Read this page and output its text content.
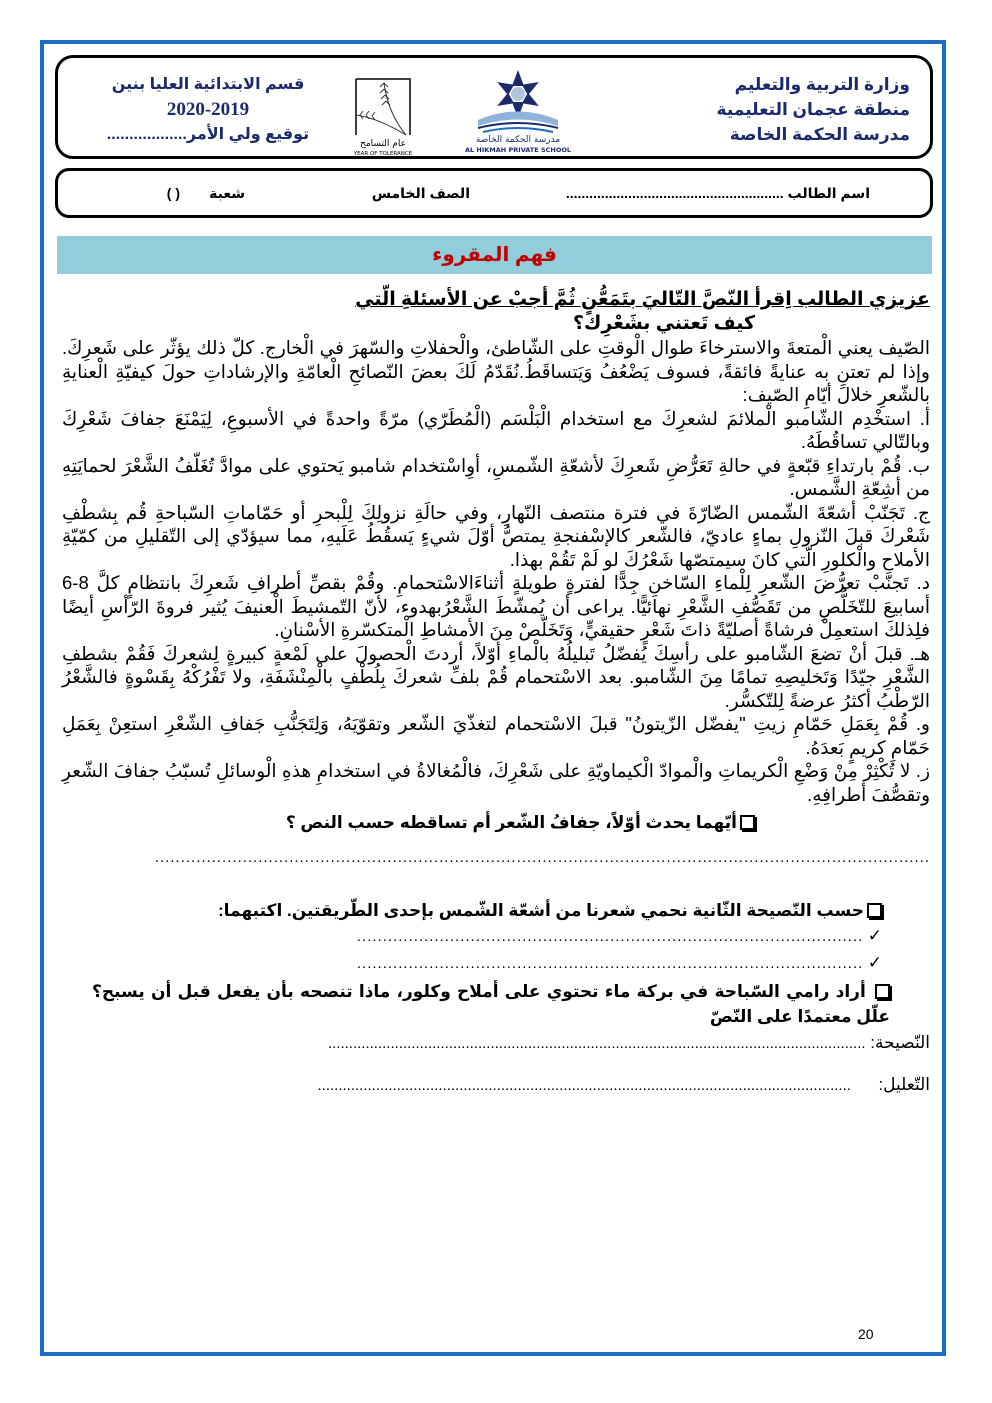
وزارة التربية والتعليم
منطقة عجمان التعليمية
مدرسة الحكمة الخاصة
مدرسة الحكمة الخاصة
AL HIKMAH PRIVATE SCHOOL
عام التسامح
YEAR OF TOLERANCE
قسم الابتدائية العليا بنين
2020-2019
توقيع ولي الأمر..................
اسم الطالب ........................................................
الصف الخامس
شعبة
( )
فهم المقروء
عزيزي الطالب اِقرأ النّصَّ التّاليَ بتَمَعُّنٍ ثُمَّ أجبْ عن الأسئلةِ الّتي
كيف تَعتني بشَعْرِك؟

الصّيف يعني الْمتعةَ والاسترخاءَ طوال الْوقتِ على الشّاطئ، والْحفلاتِ والسّهرَ في الْخارج. كلّ ذلك يؤثّر على شَعرِكَ. وإذا لم تعتنِ به عنايةً فائقةً، فسوف يَضْعُفُ وَيَتساقَطُ.نُقَدّمُ لَكَ بعضَ النّصائحِ الْعامّةِ والإرشاداتِ حولَ كيفيّةِ الْعنايةِ بالشّعرِ خلالَ أيّامِ الصّيف:

أ. استخْدِم الشّامبو الْملائمَ لشعرِكَ مع استخدام الْبَلْسَم (الْمُطَرّي) مرّةً واحدةً في الأسبوعِ، لِيَمْنَعَ جفافَ شَعْرِكَ وبالتّالي تساقُطَهُ.

ب. قُمْ بارتداءِ قبّعةٍ في حالةِ تَعَرُّضِ شَعرِكَ لأشعّةِ الشّمسِ، أوِاسْتخدام شامبو يَحتوي على موادَّ تُغَلّفُ الشَّعْرَ لحمايَتِهِ من أشِعّةِ الشَّمس.

ج. تَجَنّبْ أشعّةَ الشّمس الضّارّةَ في فترة منتصف النّهارِ، وفي حالَةِ نزولِكَ لِلْبحرِ أو حَمّاماتِ السّباحةِ قُم بِشطْفِ شَعْركَ قبلَ النّزولِ بماءٍ عاديّ، فالشّعر كالإسْفنجةِ يمتصُّ أوّلَ شيءٍ يَسقُطُ عَلَيهِ، مما سيؤدّي إلى التّقليلِ من كمّيّةِ الأملاحِ والْكلورِ الّتي كانَ سيمتصّها شَعْرُكَ لو لَمْ تَقُمْ بهذا.

د. تَجنّبْ تعرُّضَ الشّعرِ لِلْماءِ السّاخنِ جِدًّا لفترةٍ طويلةٍ أثناءَالاسْتحمامِ. وقُمْ بقصِّ أطرافِ شَعرِكَ بانتظامٍ كلَّ 8-6 أسابيعَ للتّخَلُّصِ من تَقَصُّفِ الشَّعْرِ نهائيًّا. يراعى أن يُمشّطَ الشَّعْرُبهدوء، لأنّ التّمشيطَ الْعنيفَ يُثير فروةَ الرّأسِ أيضًا فلِذلكَ استعمِلْ فرشاةً أصليّةً ذاتَ شَعْرٍ حقيقيٍّ، وَتَخَلّصْ مِنَ الأمشاطِ الْمتكسّرةِ الأسْنانِ.

هـ. قبلَ أنْ تضعَ الشّامبو على رأسِكَ يُفضّلُ تَبليلُهُ بالْماءِ أوّلاً، أردتَ الْحصولَ على لَمْعةٍ كبيرةٍ لِشعركَ فَقُمْ بشطفِ الشَّعْرِ جيّدًا وَتَخليصِهِ تمامًا مِنَ الشّامبو. بعد الاسْتحمام قُمْ بلفِّ شعركَ بِلُطْفٍ بالْمِنْشَفَةِ، ولا تَفْرُكْهُ بِقَسْوةٍ فالشَّعْرُ الرّطْبُ أكثرُ عرضةً لِلتّكسُّر.

و. قُمْ بِعَمَلِ حَمّامِ زيتِ "يفضّل الزّيتونُ" قبلَ الاسْتحمام لتغذّيَ الشّعر وتقوّيَهُ، وَلِتَجَنُّبِ جَفافِ الشّعْرِ استعِنْ بِعَمَلِ حَمّامِ كريمٍ بَعدَهُ.

ز. لا تُكْثِرْ مِنْ وَضْعِ الْكريماتِ والْموادّ الْكيماويّةِ على شَعْرِكَ، فالْمُغالاةُ في استخدامِ هذهِ الْوسائلِ تُسبّبُ جفافَ الشّعرِ وتقصُّفَ أطرافِهِ.

أيّهما يحدث أوّلاً، جفافُ الشّعر أم تساقطه حسب النص ؟
......................................................................................................................................................
حسب النّصيحة الثّانية نحمي شعرنا من أشعّة الشّمس بإحدى الطّريقتين. اكتبهما:
✓ ..................................................................................................
✓ ..................................................................................................
أراد رامي السّباحة في بركة ماء تحتوي على أملاح وكلور، ماذا تنصحه بأن يفعل قبل أن يسبح؟ علّل معتمدًا على النّصّ
النّصيحة: .................................................................................................................................
التّعليل:  ................................................................................................................................
20
